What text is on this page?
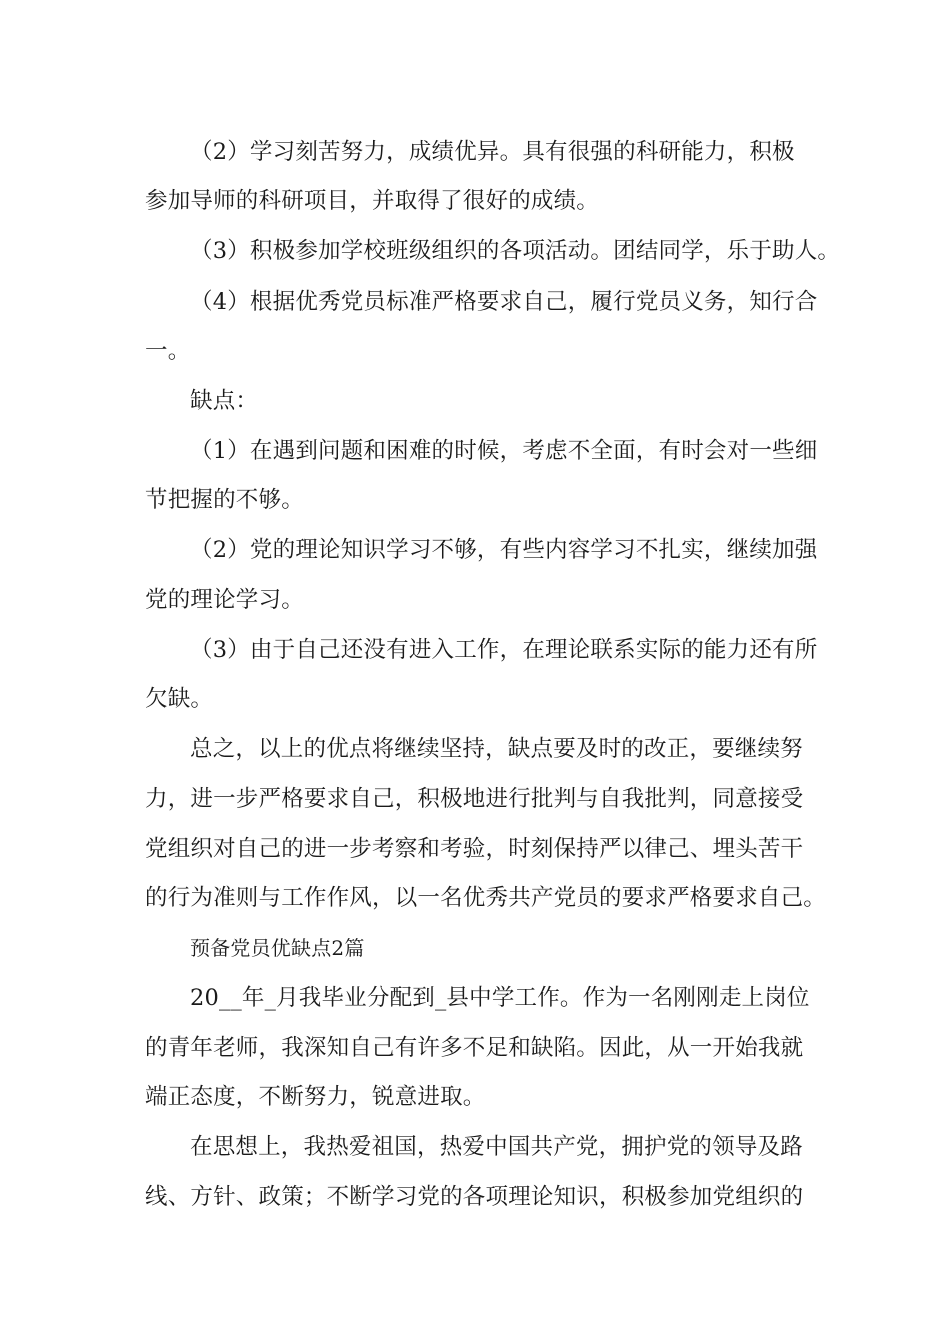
（2）学习刻苦努力，成绩优异。具有很强的科研能力，积极
参加导师的科研项目，并取得了很好的成绩。
（3）积极参加学校班级组织的各项活动。团结同学，乐于助人。
（4）根据优秀党员标准严格要求自己，履行党员义务，知行合
一。
缺点：
（1）在遇到问题和困难的时候，考虑不全面，有时会对一些细
节把握的不够。
（2）党的理论知识学习不够，有些内容学习不扎实，继续加强
党的理论学习。
（3）由于自己还没有进入工作，在理论联系实际的能力还有所
欠缺。
总之，以上的优点将继续坚持，缺点要及时的改正，要继续努
力，进一步严格要求自己，积极地进行批判与自我批判，同意接受
党组织对自己的进一步考察和考验，时刻保持严以律己、埋头苦干
的行为准则与工作作风，以一名优秀共产党员的要求严格要求自己。
预备党员优缺点2篇
20__年_月我毕业分配到_县中学工作。作为一名刚刚走上岗位
的青年老师，我深知自己有许多不足和缺陷。因此，从一开始我就
端正态度，不断努力，锐意进取。
在思想上，我热爱祖国，热爱中国共产党，拥护党的领导及路
线、方针、政策；不断学习党的各项理论知识，积极参加党组织的
